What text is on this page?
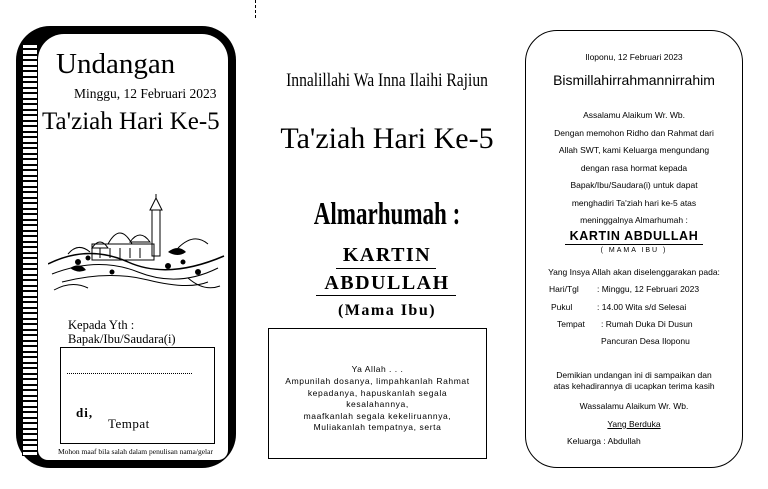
Undangan
Minggu, 12 Februari 2023
Ta'ziah Hari Ke-5
Kepada Yth :
Bapak/Ibu/Saudara(i)
di,
Tempat
Mohon maaf bila salah dalam penulisan nama/gelar
Innalillahi Wa Inna Ilaihi Rajiun
Ta'ziah Hari Ke-5
Almarhumah :
KARTIN
ABDULLAH
(Mama Ibu)
Ya Allah . . .
Ampunilah dosanya, limpahkanlah Rahmat
kepadanya, hapuskanlah segala
kesalahannya,
maafkanlah segala kekeliruannya,
Muliakanlah tempatnya, serta
Iloponu, 12 Februari 2023
Bismillahirrahmannirrahim
Assalamu Alaikum Wr. Wb.
Dengan memohon Ridho dan Rahmat dari
Allah SWT, kami Keluarga mengundang
dengan rasa hormat kepada
Bapak/Ibu/Saudara(i) untuk dapat
menghadiri Ta'ziah hari ke-5 atas
meninggalnya Almarhumah :
KARTIN ABDULLAH
( MAMA IBU )
Yang Insya Allah akan diselenggarakan pada:
Hari/Tgl : Minggu, 12 Februari 2023
Pukul	: 14.00 Wita s/d Selesai
Tempat : Rumah Duka Di Dusun
Pancuran Desa Iloponu
Demikian undangan ini di sampaikan dan
atas kehadirannya di ucapkan terima kasih
Wassalamu Alaikum Wr. Wb.
Yang Berduka
Keluarga : Abdullah
